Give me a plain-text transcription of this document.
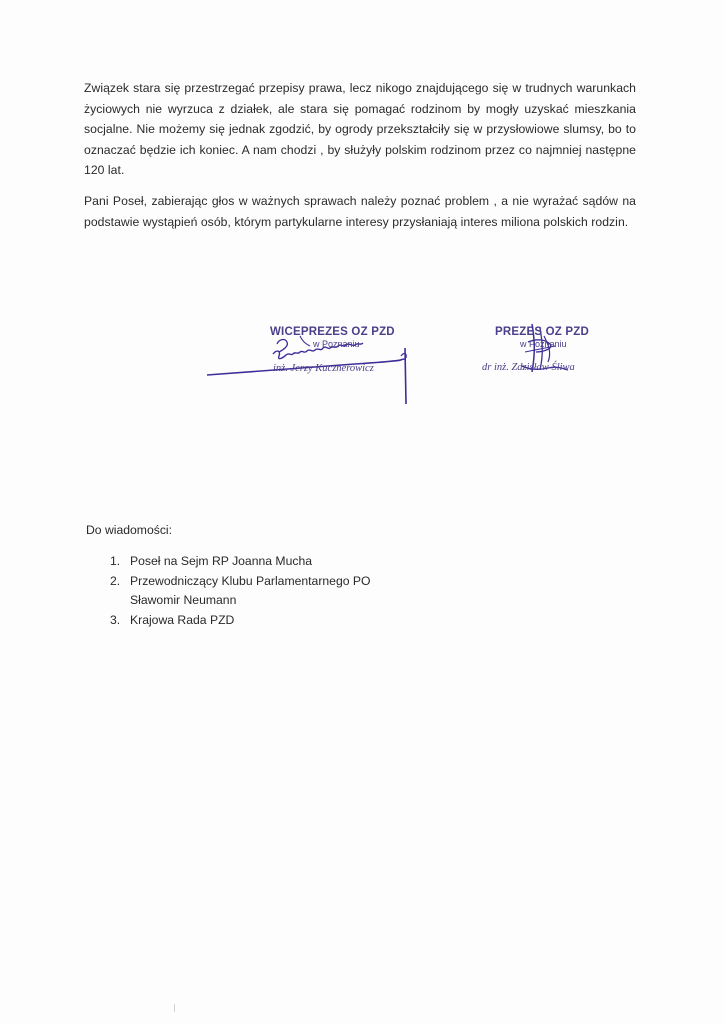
Związek stara się przestrzegać przepisy prawa, lecz nikogo znajdującego się w trudnych warunkach
życiowych nie wyrzuca z działek, ale stara się pomagać rodzinom by mogły uzyskać mieszkania
socjalne. Nie możemy się jednak zgodzić, by ogrody przekształciły się w przysłowiowe slumsy, bo to
oznaczać będzie ich koniec. A nam chodzi , by służyły polskim rodzinom przez co najmniej następne
120 lat.
Pani Poseł, zabierając głos w ważnych sprawach należy poznać problem , a nie wyrażać sądów na
podstawie wystąpień osób, którym partykularne interesy przysłaniają interes miliona polskich rodzin.
WICEPREZES OZ PZD
w Poznaniu
inż. Jerzy Kucznerowicz
PREZES OZ PZD
w Poznaniu
dr inż. Zdzisław Śliwa
Do wiadomości:
1. Poseł na Sejm RP Joanna Mucha
2. Przewodniczący Klubu Parlamentarnego PO
Sławomir Neumann
3. Krajowa Rada PZD
